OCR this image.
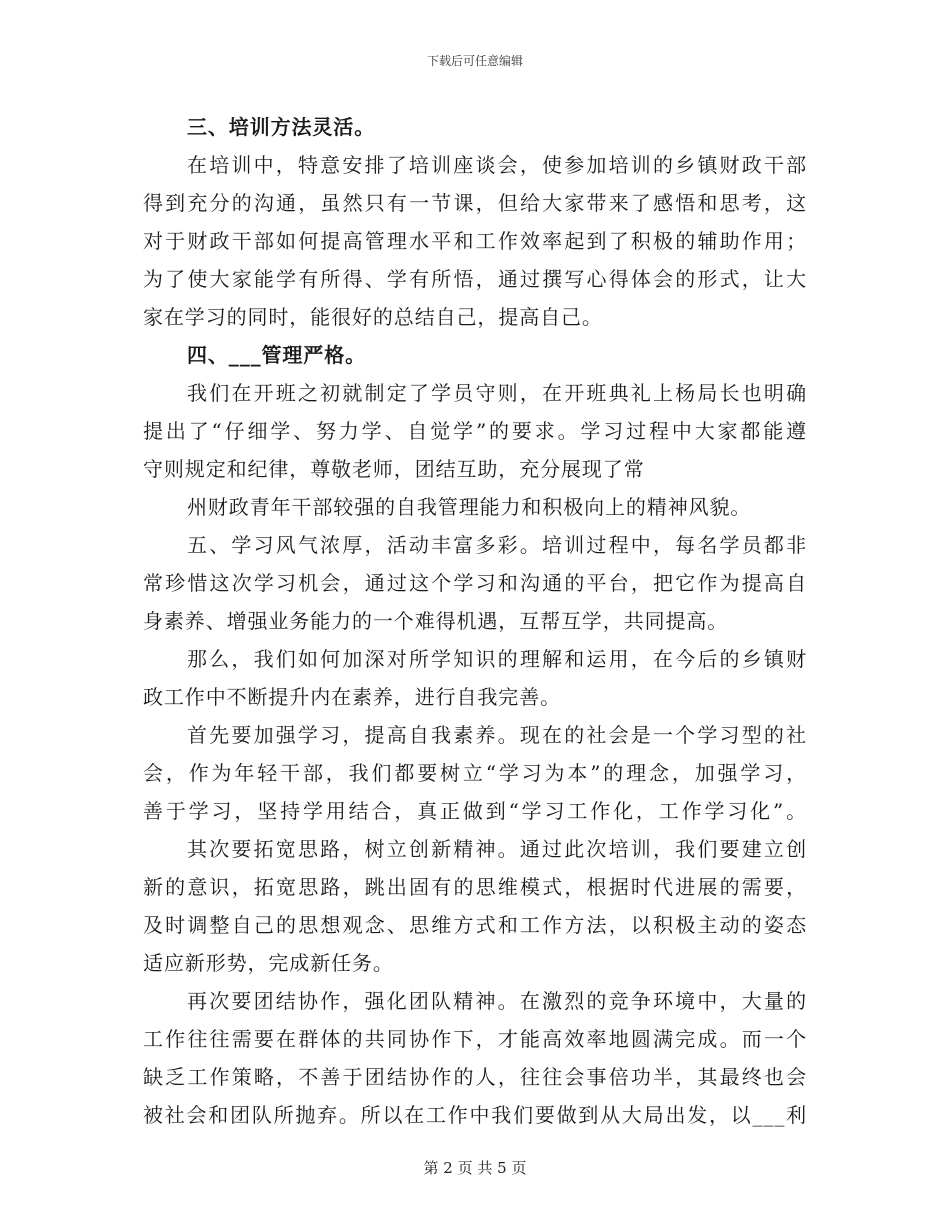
下载后可任意编辑
三、培训方法灵活。
在培训中，特意安排了培训座谈会，使参加培训的乡镇财政干部
得到充分的沟通，虽然只有一节课，但给大家带来了感悟和思考，这
对于财政干部如何提高管理水平和工作效率起到了积极的辅助作用；
为了使大家能学有所得、学有所悟，通过撰写心得体会的形式，让大
家在学习的同时，能很好的总结自己，提高自己。
四、___管理严格。
我们在开班之初就制定了学员守则，在开班典礼上杨局长也明确
提出了“仔细学、努力学、自觉学”的要求。学习过程中大家都能遵
守则规定和纪律，尊敬老师，团结互助，充分展现了常
州财政青年干部较强的自我管理能力和积极向上的精神风貌。
五、学习风气浓厚，活动丰富多彩。培训过程中，每名学员都非
常珍惜这次学习机会，通过这个学习和沟通的平台，把它作为提高自
身素养、增强业务能力的一个难得机遇，互帮互学，共同提高。
那么，我们如何加深对所学知识的理解和运用，在今后的乡镇财
政工作中不断提升内在素养，进行自我完善。
首先要加强学习，提高自我素养。现在的社会是一个学习型的社
会，作为年轻干部，我们都要树立“学习为本”的理念，加强学习，
善于学习，坚持学用结合，真正做到“学习工作化，工作学习化”。
其次要拓宽思路，树立创新精神。通过此次培训，我们要建立创
新的意识，拓宽思路，跳出固有的思维模式，根据时代进展的需要，
及时调整自己的思想观念、思维方式和工作方法，以积极主动的姿态
适应新形势，完成新任务。
再次要团结协作，强化团队精神。在激烈的竞争环境中，大量的
工作往往需要在群体的共同协作下，才能高效率地圆满完成。而一个
缺乏工作策略，不善于团结协作的人，往往会事倍功半，其最终也会
被社会和团队所抛弃。所以在工作中我们要做到从大局出发，以___利
第 2 页 共 5 页
